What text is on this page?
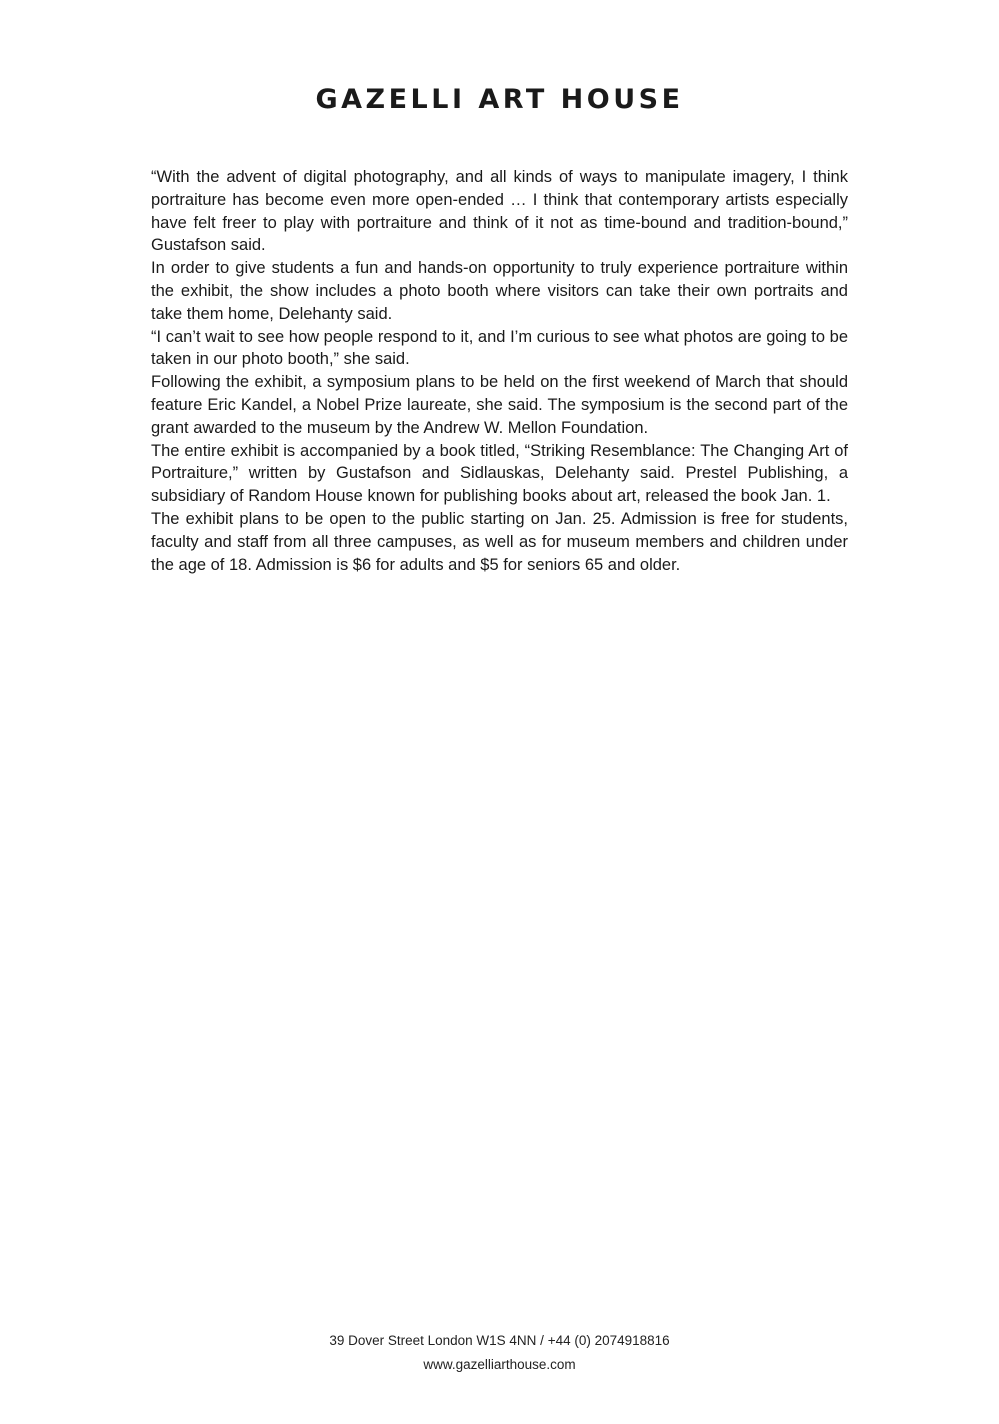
GAZELLI ART HOUSE

“With the advent of digital photography, and all kinds of ways to manipulate imagery, I think portraiture has become even more open-ended … I think that contemporary artists especially have felt freer to play with portraiture and think of it not as time-bound and tradition-bound,” Gustafson said.

In order to give students a fun and hands-on opportunity to truly experience portraiture within the exhibit, the show includes a photo booth where visitors can take their own portraits and take them home, Delehanty said.

“I can’t wait to see how people respond to it, and I’m curious to see what photos are going to be taken in our photo booth,” she said.

Following the exhibit, a symposium plans to be held on the first weekend of March that should feature Eric Kandel, a Nobel Prize laureate, she said. The symposium is the second part of the grant awarded to the museum by the Andrew W. Mellon Foundation.

The entire exhibit is accompanied by a book titled, “Striking Resemblance: The Changing Art of Portraiture,” written by Gustafson and Sidlauskas, Delehanty said. Prestel Publishing, a subsidiary of Random House known for publishing books about art, released the book Jan. 1.

The exhibit plans to be open to the public starting on Jan. 25. Admission is free for students, faculty and staff from all three campuses, as well as for museum members and children under the age of 18. Admission is $6 for adults and $5 for seniors 65 and older.

39 Dover Street London W1S 4NN / +44 (0) 2074918816
www.gazelliarthouse.com
